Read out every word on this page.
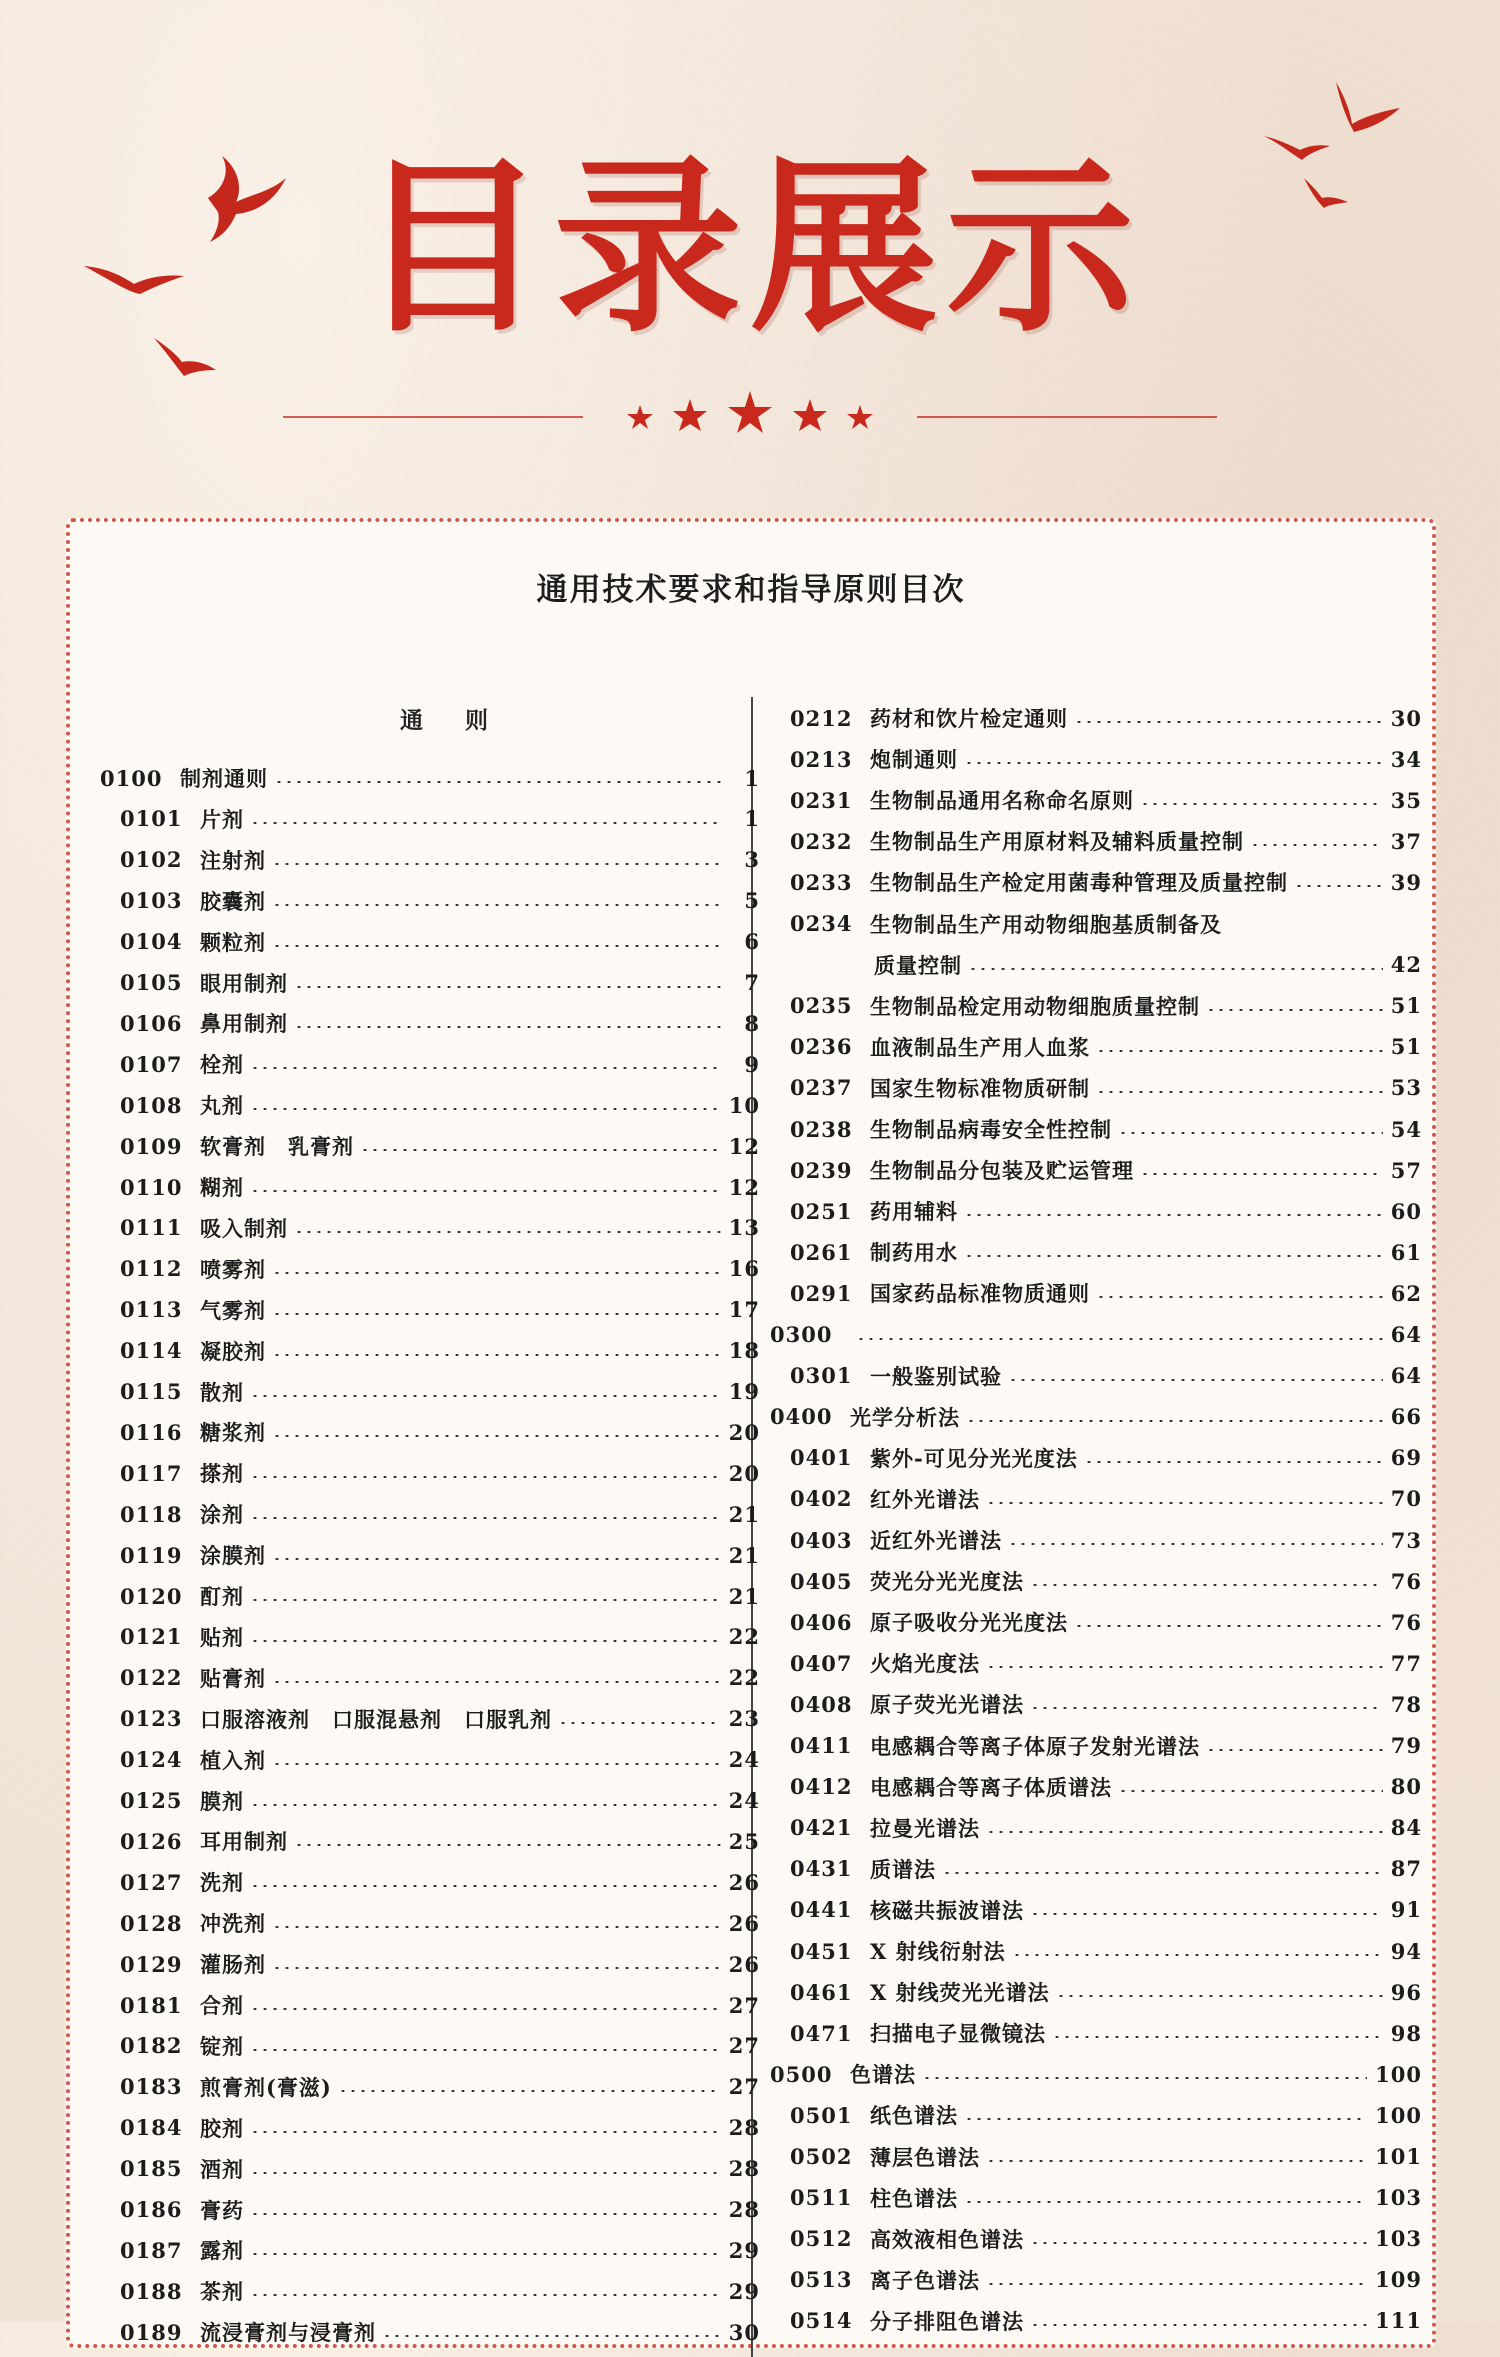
目录展示
通用技术要求和指导原则目次
通则
0100 制剂通则	1
0101 片剂	1
0102 注射剂	3
0103 胶囊剂	5
0104 颗粒剂	6
0105 眼用制剂	7
0106 鼻用制剂	8
0107 栓剂	9
0108 丸剂	10
0109 软膏剂　乳膏剂	12
0110 糊剂	12
0111 吸入制剂	13
0112 喷雾剂	16
0113 气雾剂	17
0114 凝胶剂	18
0115 散剂	19
0116 糖浆剂	20
0117 搽剂	20
0118 涂剂	21
0119 涂膜剂	21
0120 酊剂	21
0121 贴剂	22
0122 贴膏剂	22
0123 口服溶液剂　口服混悬剂　口服乳剂	23
0124 植入剂	24
0125 膜剂	24
0126 耳用制剂	25
0127 洗剂	26
0128 冲洗剂	26
0129 灌肠剂	26
0181 合剂	27
0182 锭剂	27
0183 煎膏剂(膏滋)	27
0184 胶剂	28
0185 酒剂	28
0186 膏药	28
0187 露剂	29
0188 茶剂	29
0189 流浸膏剂与浸膏剂	30
0212 药材和饮片检定通则	30
0213 炮制通则	34
0231 生物制品通用名称命名原则	35
0232 生物制品生产用原材料及辅料质量控制	37
0233 生物制品生产检定用菌毒种管理及质量控制	39
0234 生物制品生产用动物细胞基质制备及
质量控制	42
0235 生物制品检定用动物细胞质量控制	51
0236 血液制品生产用人血浆	51
0237 国家生物标准物质研制	53
0238 生物制品病毒安全性控制	54
0239 生物制品分包装及贮运管理	57
0251 药用辅料	60
0261 制药用水	61
0291 国家药品标准物质通则	62
0300	64
0301 一般鉴别试验	64
0400 光学分析法	66
0401 紫外-可见分光光度法	69
0402 红外光谱法	70
0403 近红外光谱法	73
0405 荧光分光光度法	76
0406 原子吸收分光光度法	76
0407 火焰光度法	77
0408 原子荧光光谱法	78
0411 电感耦合等离子体原子发射光谱法	79
0412 电感耦合等离子体质谱法	80
0421 拉曼光谱法	84
0431 质谱法	87
0441 核磁共振波谱法	91
0451 X 射线衍射法	94
0461 X 射线荧光光谱法	96
0471 扫描电子显微镜法	98
0500 色谱法	100
0501 纸色谱法	100
0502 薄层色谱法	101
0511 柱色谱法	103
0512 高效液相色谱法	103
0513 离子色谱法	109
0514 分子排阻色谱法	111
